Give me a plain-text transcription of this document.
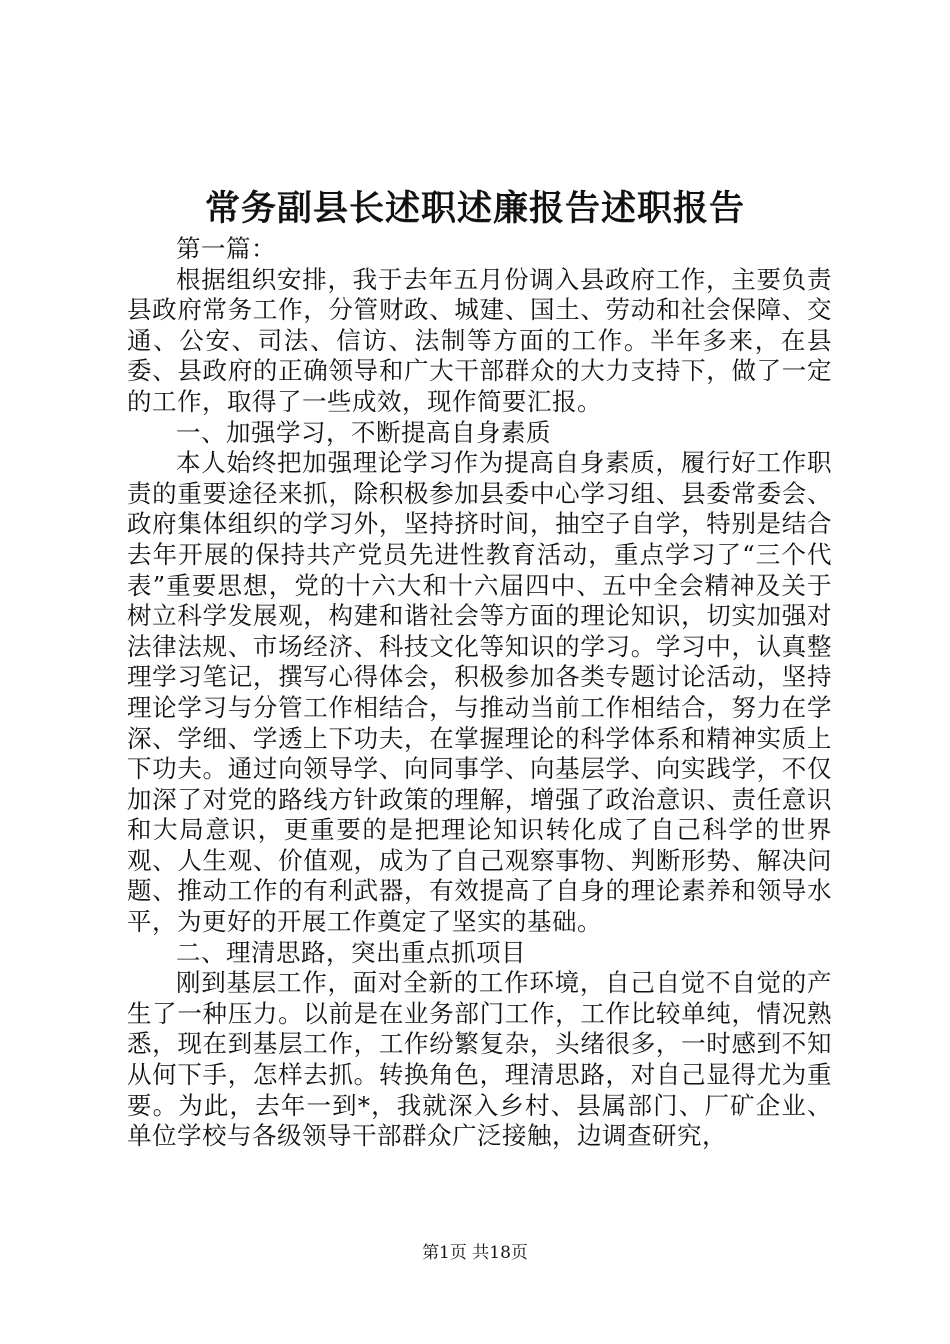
常务副县长述职述廉报告述职报告

第一篇：

根据组织安排，我于去年五月份调入县政府工作，主要负责县政府常务工作，分管财政、城建、国土、劳动和社会保障、交通、公安、司法、信访、法制等方面的工作。半年多来，在县委、县政府的正确领导和广大干部群众的大力支持下，做了一定的工作，取得了一些成效，现作简要汇报。

一、加强学习，不断提高自身素质

本人始终把加强理论学习作为提高自身素质，履行好工作职责的重要途径来抓，除积极参加县委中心学习组、县委常委会、政府集体组织的学习外，坚持挤时间，抽空子自学，特别是结合去年开展的保持共产党员先进性教育活动，重点学习了“三个代表”重要思想，党的十六大和十六届四中、五中全会精神及关于树立科学发展观，构建和谐社会等方面的理论知识，切实加强对法律法规、市场经济、科技文化等知识的学习。学习中，认真整理学习笔记，撰写心得体会，积极参加各类专题讨论活动，坚持理论学习与分管工作相结合，与推动当前工作相结合，努力在学深、学细、学透上下功夫，在掌握理论的科学体系和精神实质上下功夫。通过向领导学、向同事学、向基层学、向实践学，不仅加深了对党的路线方针政策的理解，增强了政治意识、责任意识和大局意识，更重要的是把理论知识转化成了自己科学的世界观、人生观、价值观，成为了自己观察事物、判断形势、解决问题、推动工作的有利武器，有效提高了自身的理论素养和领导水平，为更好的开展工作奠定了坚实的基础。

二、理清思路，突出重点抓项目

刚到基层工作，面对全新的工作环境，自己自觉不自觉的产生了一种压力。以前是在业务部门工作，工作比较单纯，情况熟悉，现在到基层工作，工作纷繁复杂，头绪很多，一时感到不知从何下手，怎样去抓。转换角色，理清思路，对自己显得尤为重要。为此，去年一到*，我就深入乡村、县属部门、厂矿企业、单位学校与各级领导干部群众广泛接触，边调查研究，

第1页 共18页
